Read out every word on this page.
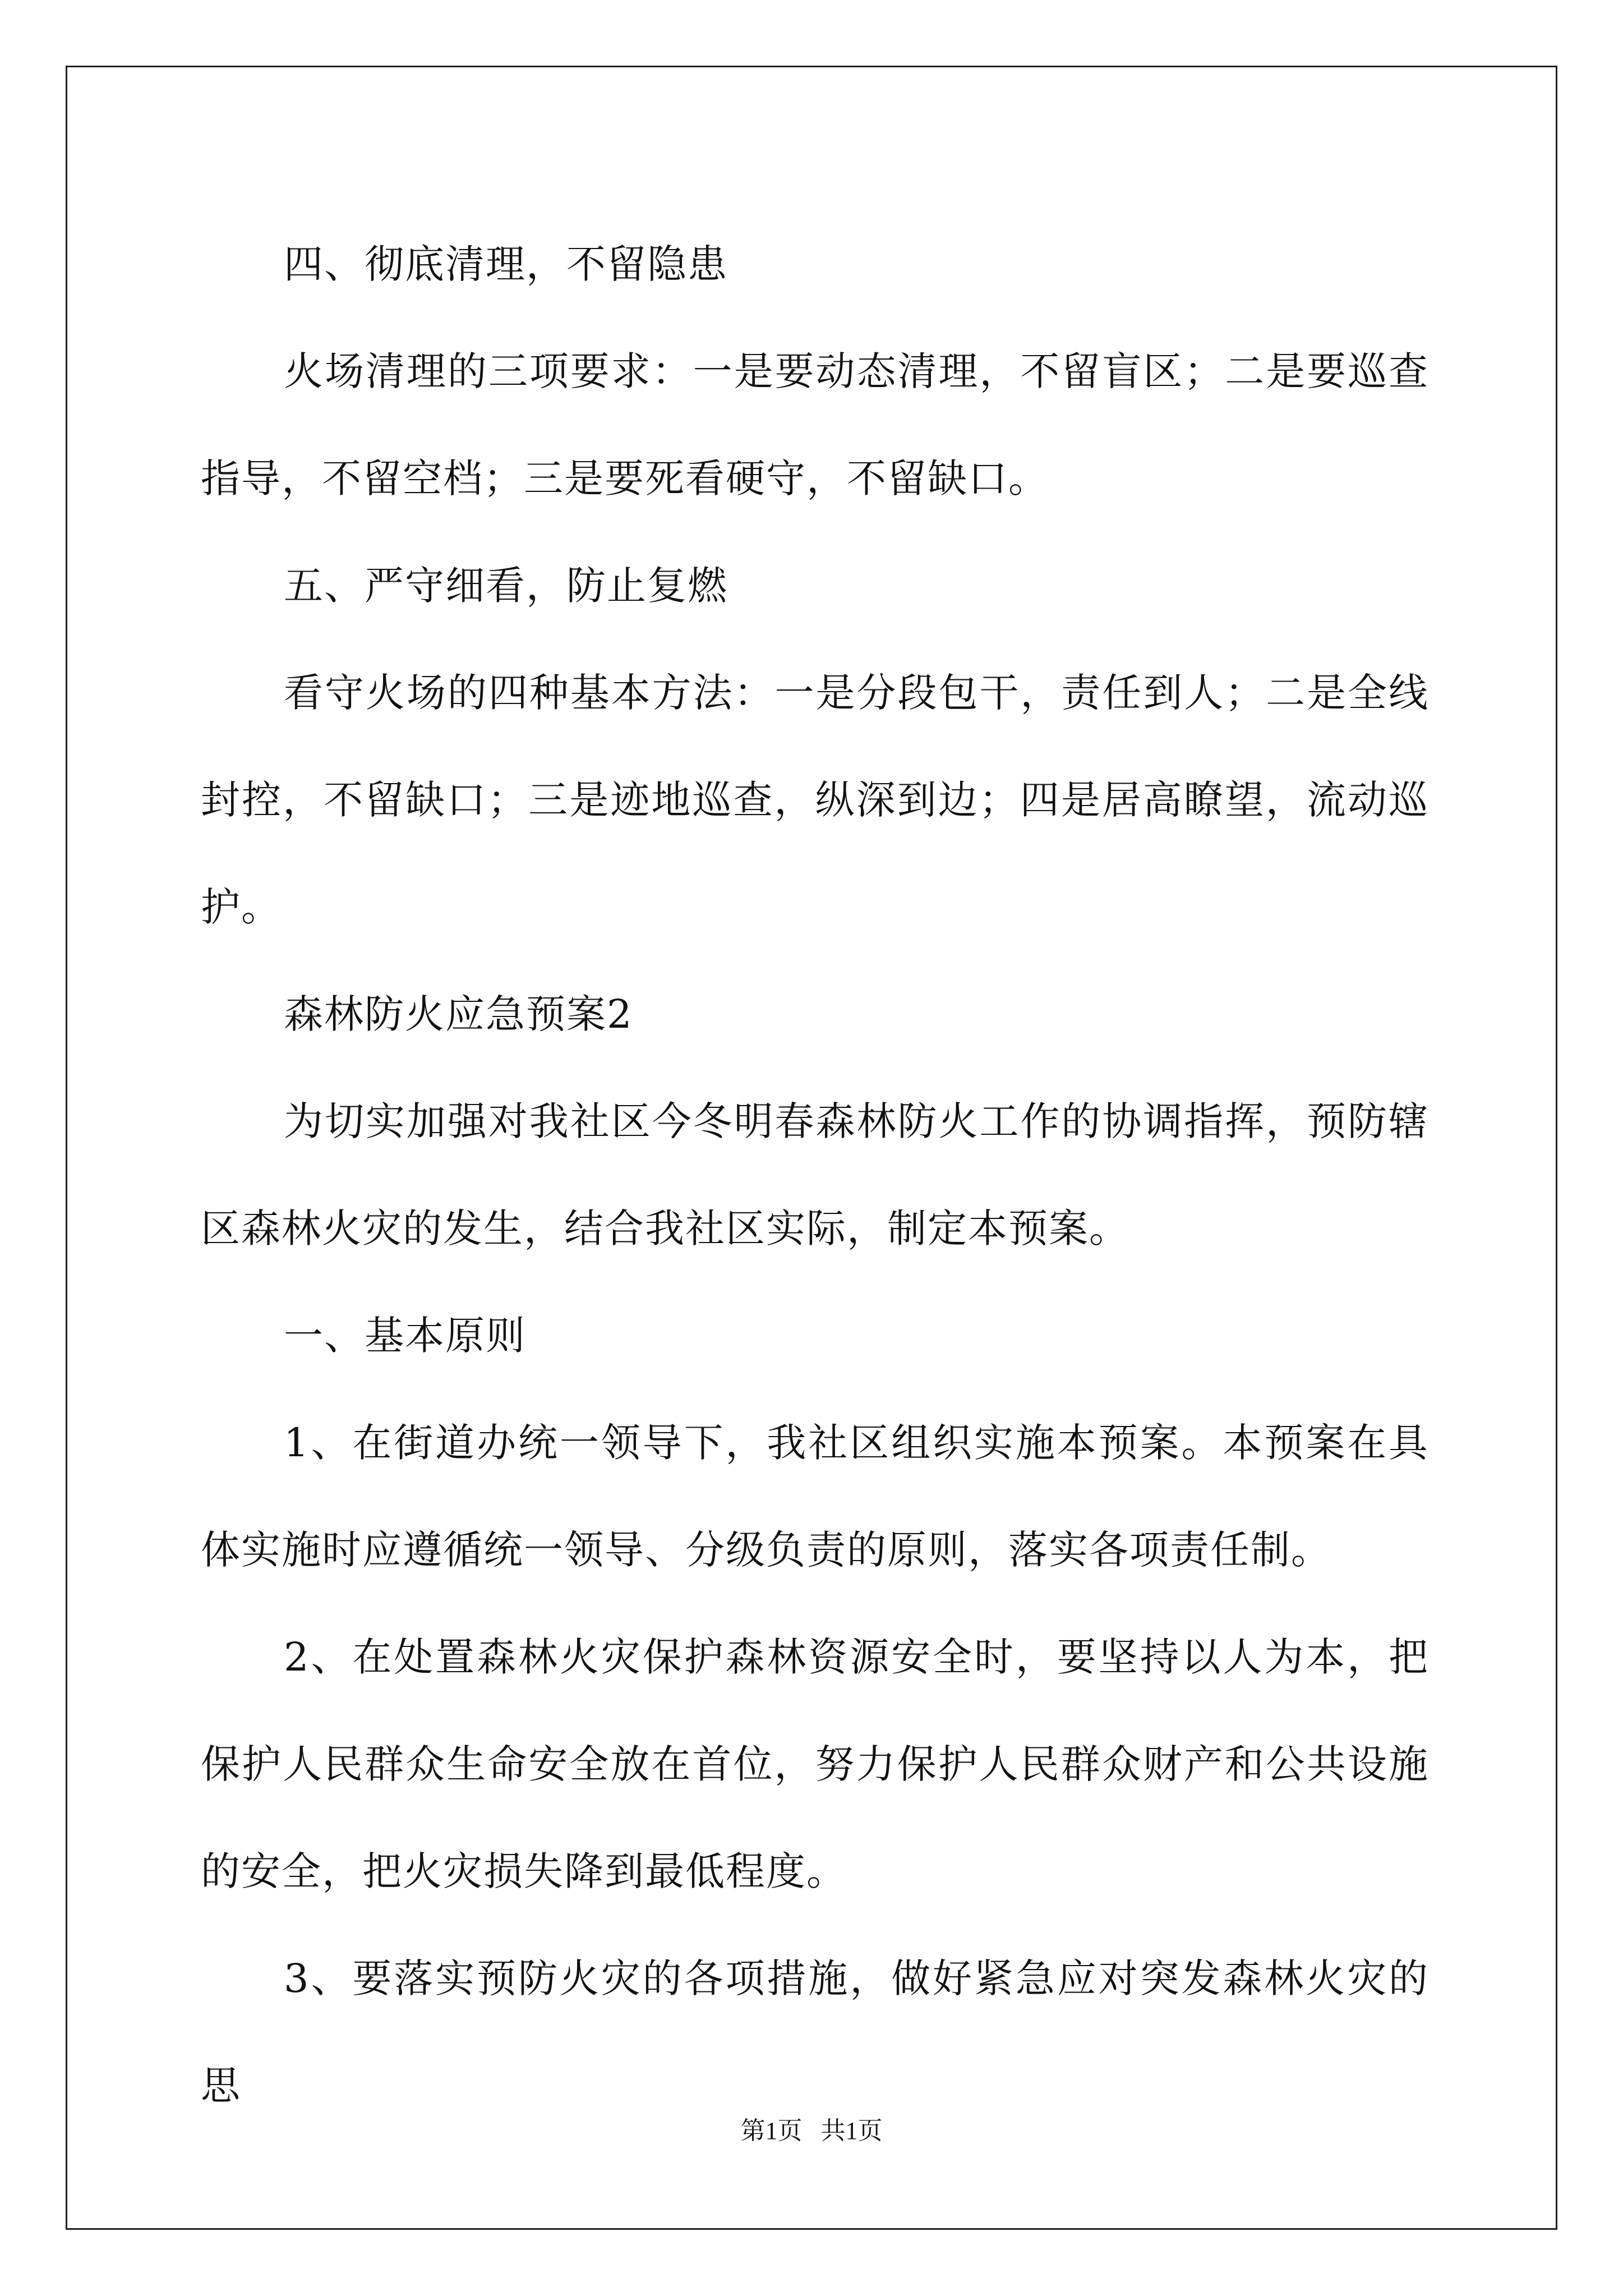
四、彻底清理，不留隐患

火场清理的三项要求：一是要动态清理，不留盲区；二是要巡查指导，不留空档；三是要死看硬守，不留缺口。

五、严守细看，防止复燃

看守火场的四种基本方法：一是分段包干，责任到人；二是全线封控，不留缺口；三是迹地巡查，纵深到边；四是居高瞭望，流动巡护。

森林防火应急预案2

为切实加强对我社区今冬明春森林防火工作的协调指挥，预防辖区森林火灾的发生，结合我社区实际，制定本预案。

一、基本原则

1、在街道办统一领导下，我社区组织实施本预案。本预案在具体实施时应遵循统一领导、分级负责的原则，落实各项责任制。

2、在处置森林火灾保护森林资源安全时，要坚持以人为本，把保护人民群众生命安全放在首位，努力保护人民群众财产和公共设施的安全，把火灾损失降到最低程度。

3、要落实预防火灾的各项措施，做好紧急应对突发森林火灾的思

第1页 共1页
